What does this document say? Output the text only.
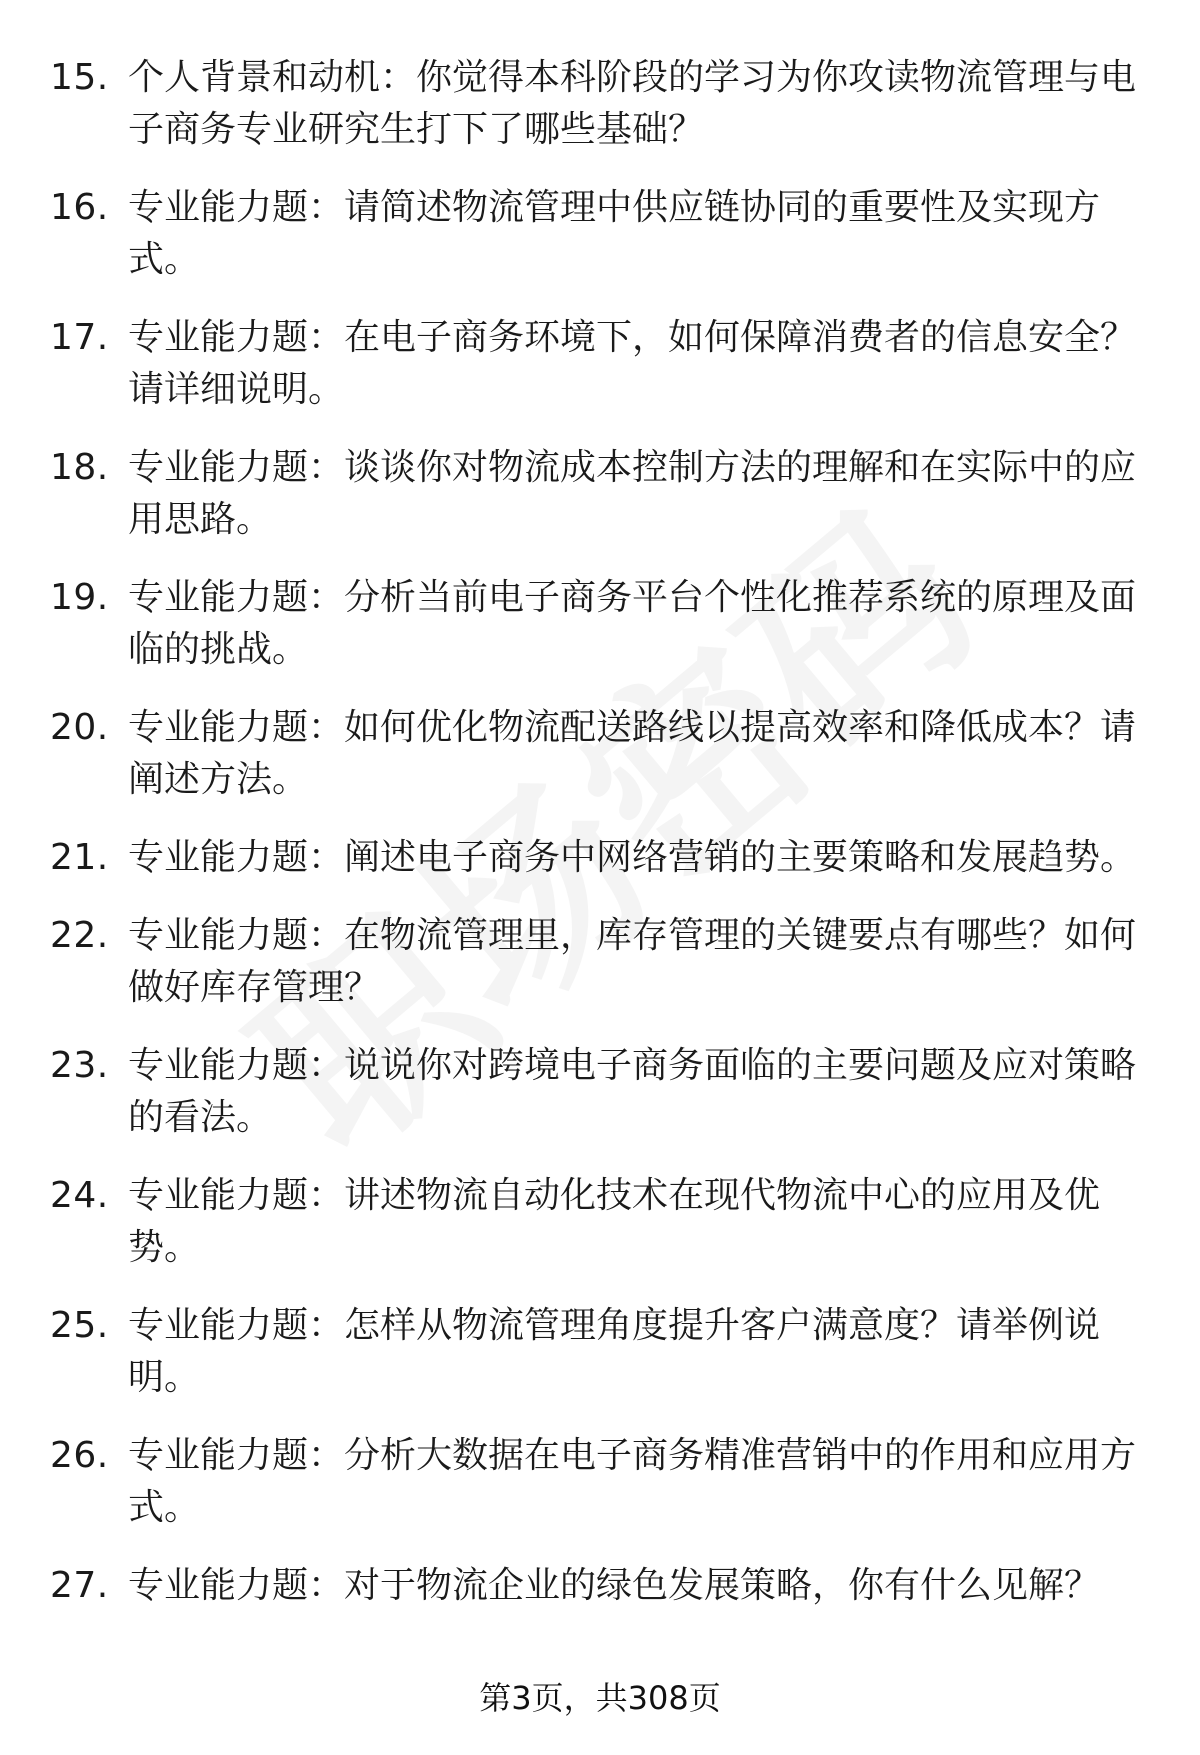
15. 个人背景和动机：你觉得本科阶段的学习为你攻读物流管理与电子商务专业研究生打下了哪些基础？
16. 专业能力题：请简述物流管理中供应链协同的重要性及实现方式。
17. 专业能力题：在电子商务环境下，如何保障消费者的信息安全？请详细说明。
18. 专业能力题：谈谈你对物流成本控制方法的理解和在实际中的应用思路。
19. 专业能力题：分析当前电子商务平台个性化推荐系统的原理及面临的挑战。
20. 专业能力题：如何优化物流配送路线以提高效率和降低成本？请阐述方法。
21. 专业能力题：阐述电子商务中网络营销的主要策略和发展趋势。
22. 专业能力题：在物流管理里，库存管理的关键要点有哪些？如何做好库存管理？
23. 专业能力题：说说你对跨境电子商务面临的主要问题及应对策略的看法。
24. 专业能力题：讲述物流自动化技术在现代物流中心的应用及优势。
25. 专业能力题：怎样从物流管理角度提升客户满意度？请举例说明。
26. 专业能力题：分析大数据在电子商务精准营销中的作用和应用方式。
27. 专业能力题：对于物流企业的绿色发展策略，你有什么见解？
第3页，共308页
